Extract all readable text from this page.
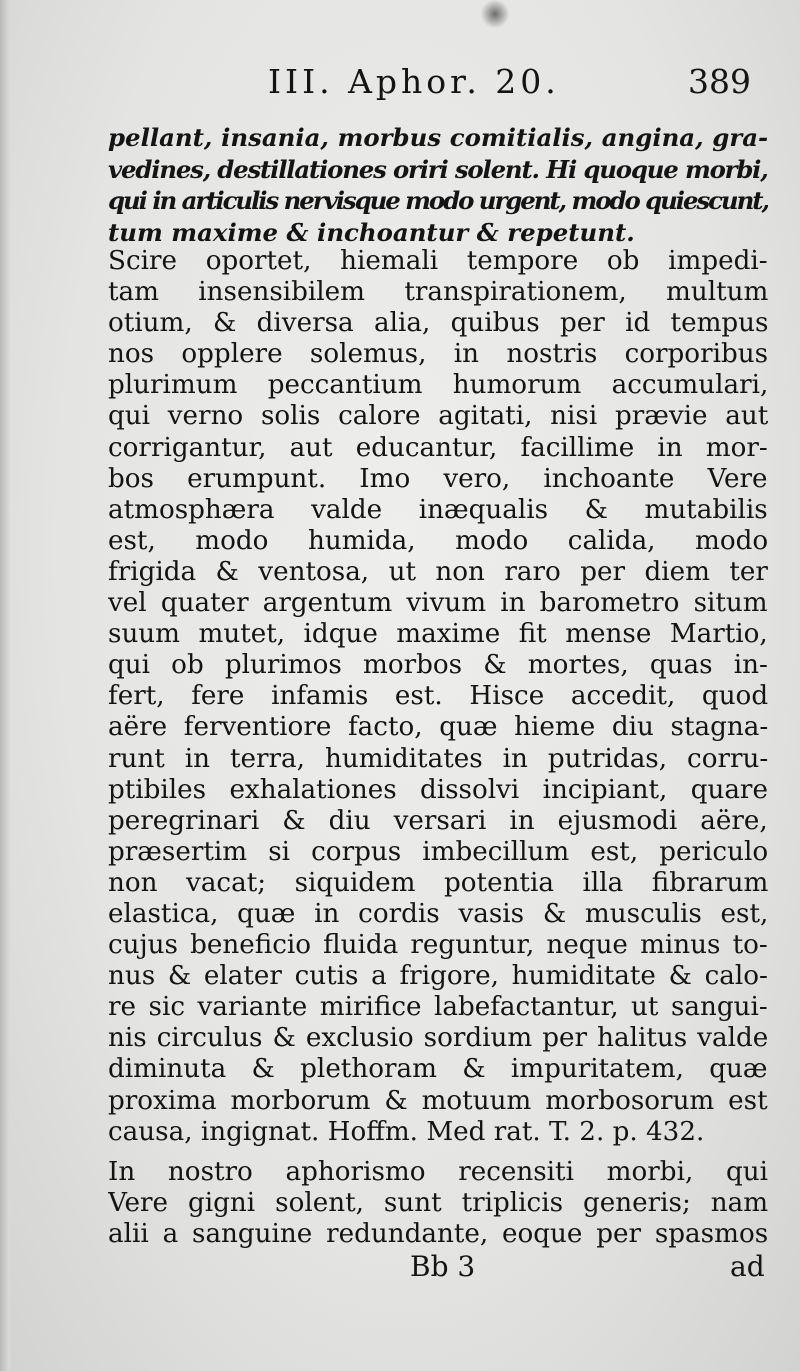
III. Aphor. 20.	389
pellant, insania, morbus comitialis, angina, gra-
vedines, destillationes oriri solent. Hi quoque morbi,
qui in articulis nervisque modo urgent, modo quiescunt,
tum maxime & inchoantur & repetunt.
Scire oportet, hiemali tempore ob impedi-
tam insensibilem transpirationem, multum
otium, & diversa alia, quibus per id tempus
nos opplere solemus, in nostris corporibus
plurimum peccantium humorum accumulari,
qui verno solis calore agitati, nisi prævie aut
corrigantur, aut educantur, facillime in mor-
bos erumpunt. Imo vero, inchoante Vere
atmosphæra valde inæqualis & mutabilis
est, modo humida, modo calida, modo
frigida & ventosa, ut non raro per diem ter
vel quater argentum vivum in barometro situm
suum mutet, idque maxime fit mense Martio,
qui ob plurimos morbos & mortes, quas in-
fert, fere infamis est. Hisce accedit, quod
aëre ferventiore facto, quæ hieme diu stagna-
runt in terra, humiditates in putridas, corru-
ptibiles exhalationes dissolvi incipiant, quare
peregrinari & diu versari in ejusmodi aëre,
præsertim si corpus imbecillum est, periculo
non vacat; siquidem potentia illa fibrarum
elastica, quæ in cordis vasis & musculis est,
cujus beneficio fluida reguntur, neque minus to-
nus & elater cutis a frigore, humiditate & calo-
re sic variante mirifice labefactantur, ut sangui-
nis circulus & exclusio sordium per halitus valde
diminuta & plethoram & impuritatem, quæ
proxima morborum & motuum morbosorum est
causa, ingignat. Hoffm. Med rat. T. 2. p. 432.
In nostro aphorismo recensiti morbi, qui
Vere gigni solent, sunt triplicis generis; nam
alii a sanguine redundante, eoque per spasmos
Bb 3	ad
